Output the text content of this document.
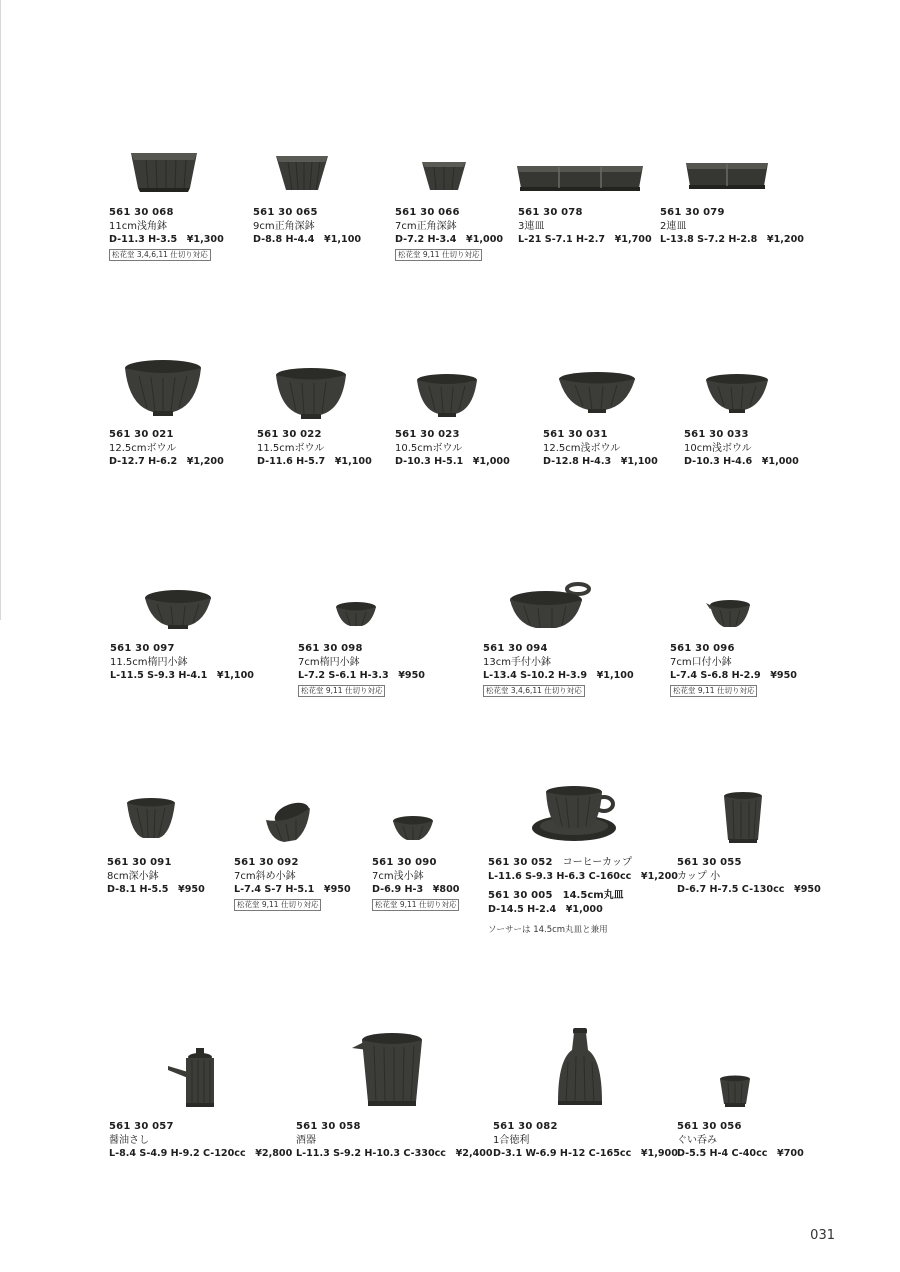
561 30 068
11cm浅角鉢
D-11.3 H-3.5　¥1,300
松花堂 3,4,6,11 仕切り対応
561 30 065
9cm正角深鉢
D-8.8 H-4.4　¥1,100
561 30 066
7cm正角深鉢
D-7.2 H-3.4　¥1,000
松花堂 9,11 仕切り対応
561 30 078
3連皿
L-21 S-7.1 H-2.7　¥1,700
561 30 079
2連皿
L-13.8 S-7.2 H-2.8　¥1,200
561 30 021
12.5cmボウル
D-12.7 H-6.2　¥1,200
561 30 022
11.5cmボウル
D-11.6 H-5.7　¥1,100
561 30 023
10.5cmボウル
D-10.3 H-5.1　¥1,000
561 30 031
12.5cm浅ボウル
D-12.8 H-4.3　¥1,100
561 30 033
10cm浅ボウル
D-10.3 H-4.6　¥1,000
561 30 097
11.5cm楕円小鉢
L-11.5 S-9.3 H-4.1　¥1,100
561 30 098
7cm楕円小鉢
L-7.2 S-6.1 H-3.3　¥950
松花堂 9,11 仕切り対応
561 30 094
13cm手付小鉢
L-13.4 S-10.2 H-3.9　¥1,100
松花堂 3,4,6,11 仕切り対応
561 30 096
7cm口付小鉢
L-7.4 S-6.8 H-2.9　¥950
松花堂 9,11 仕切り対応
561 30 091
8cm深小鉢
D-8.1 H-5.5　¥950
561 30 092
7cm斜め小鉢
L-7.4 S-7 H-5.1　¥950
松花堂 9,11 仕切り対応
561 30 090
7cm浅小鉢
D-6.9 H-3　¥800
松花堂 9,11 仕切り対応
561 30 052　 コーヒーカップ
L-11.6 S-9.3 H-6.3 C-160cc　¥1,200
561 30 005　 14.5cm丸皿
D-14.5 H-2.4　¥1,000
ソーサーは 14.5cm丸皿と兼用
561 30 055
カップ 小
D-6.7 H-7.5 C-130cc　¥950
561 30 057
醤油さし
L-8.4 S-4.9 H-9.2 C-120cc　¥2,800
561 30 058
酒器
L-11.3 S-9.2 H-10.3 C-330cc　¥2,400
561 30 082
1合徳利
D-3.1 W-6.9 H-12 C-165cc　¥1,900
561 30 056
ぐい呑み
D-5.5 H-4 C-40cc　¥700
031
